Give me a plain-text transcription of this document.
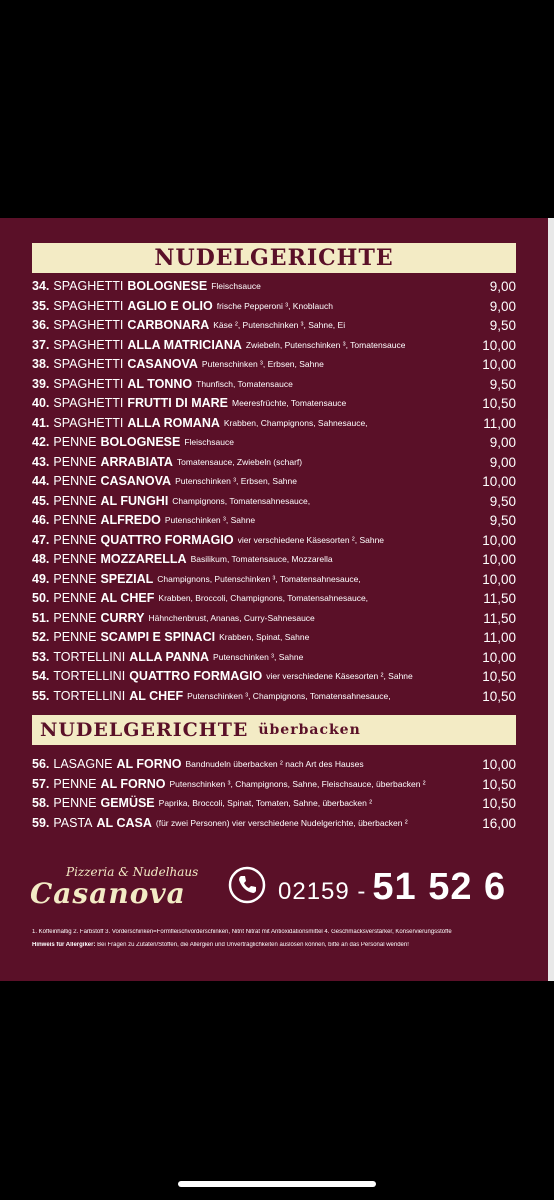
NUDELGERICHTE
34. SPAGHETTI BOLOGNESE Fleischsauce	9,00
35. SPAGHETTI AGLIO E OLIO frische Pepperoni ³, Knoblauch	9,00
36. SPAGHETTI CARBONARA Käse ², Putenschinken ³, Sahne, Ei	9,50
37. SPAGHETTI ALLA MATRICIANA Zwiebeln, Putenschinken ³, Tomatensauce	10,00
38. SPAGHETTI CASANOVA Putenschinken ³, Erbsen, Sahne	10,00
39. SPAGHETTI AL TONNO Thunfisch, Tomatensauce	9,50
40. SPAGHETTI FRUTTI DI MARE Meeresfrüchte, Tomatensauce	10,50
41. SPAGHETTI ALLA ROMANA Krabben, Champignons, Sahnesauce,	11,00
42. PENNE BOLOGNESE Fleischsauce	9,00
43. PENNE ARRABIATA Tomatensauce, Zwiebeln (scharf)	9,00
44. PENNE CASANOVA Putenschinken ³, Erbsen, Sahne	10,00
45. PENNE AL FUNGHI Champignons, Tomatensahnesauce,	9,50
46. PENNE ALFREDO Putenschinken ³, Sahne	9,50
47. PENNE QUATTRO FORMAGIO vier verschiedene Käsesorten ², Sahne	10,00
48. PENNE MOZZARELLA Basilikum, Tomatensauce, Mozzarella	10,00
49. PENNE SPEZIAL Champignons, Putenschinken ³, Tomatensahnesauce,	10,00
50. PENNE AL CHEF Krabben, Broccoli, Champignons, Tomatensahnesauce,	11,50
51. PENNE CURRY Hähnchenbrust, Ananas, Curry-Sahnesauce	11,50
52. PENNE SCAMPI E SPINACI Krabben, Spinat, Sahne	11,00
53. TORTELLINI ALLA PANNA Putenschinken ³, Sahne	10,00
54. TORTELLINI QUATTRO FORMAGIO vier verschiedene Käsesorten ², Sahne	10,50
55. TORTELLINI AL CHEF Putenschinken ³, Champignons, Tomatensahnesauce,	10,50
NUDELGERICHTE überbacken
56. LASAGNE AL FORNO Bandnudeln überbacken ² nach Art des Hauses	10,00
57. PENNE AL FORNO Putenschinken ³, Champignons, Sahne, Fleischsauce, überbacken ²	10,50
58. PENNE GEMÜSE Paprika, Broccoli, Spinat, Tomaten, Sahne, überbacken ²	10,50
59. PASTA AL CASA (für zwei Personen) vier verschiedene Nudelgerichte, überbacken ²	16,00
Pizzeria & Nudelhaus
Casanova	02159 - 51 52 6
1. Koffeinhaltig 2. Farbstoff 3. Vorderschinken=Formfleischvorderschinken, Nitrit Nitrat mit Antioxidationsmittel 4. Geschmacksverstärker, Konservierungsstoffe
Hinweis für Allergiker: Bei Fragen zu Zutaten/Stoffen, die Allergien und Unverträglichkeiten auslösen können, bitte an das Personal wenden!
